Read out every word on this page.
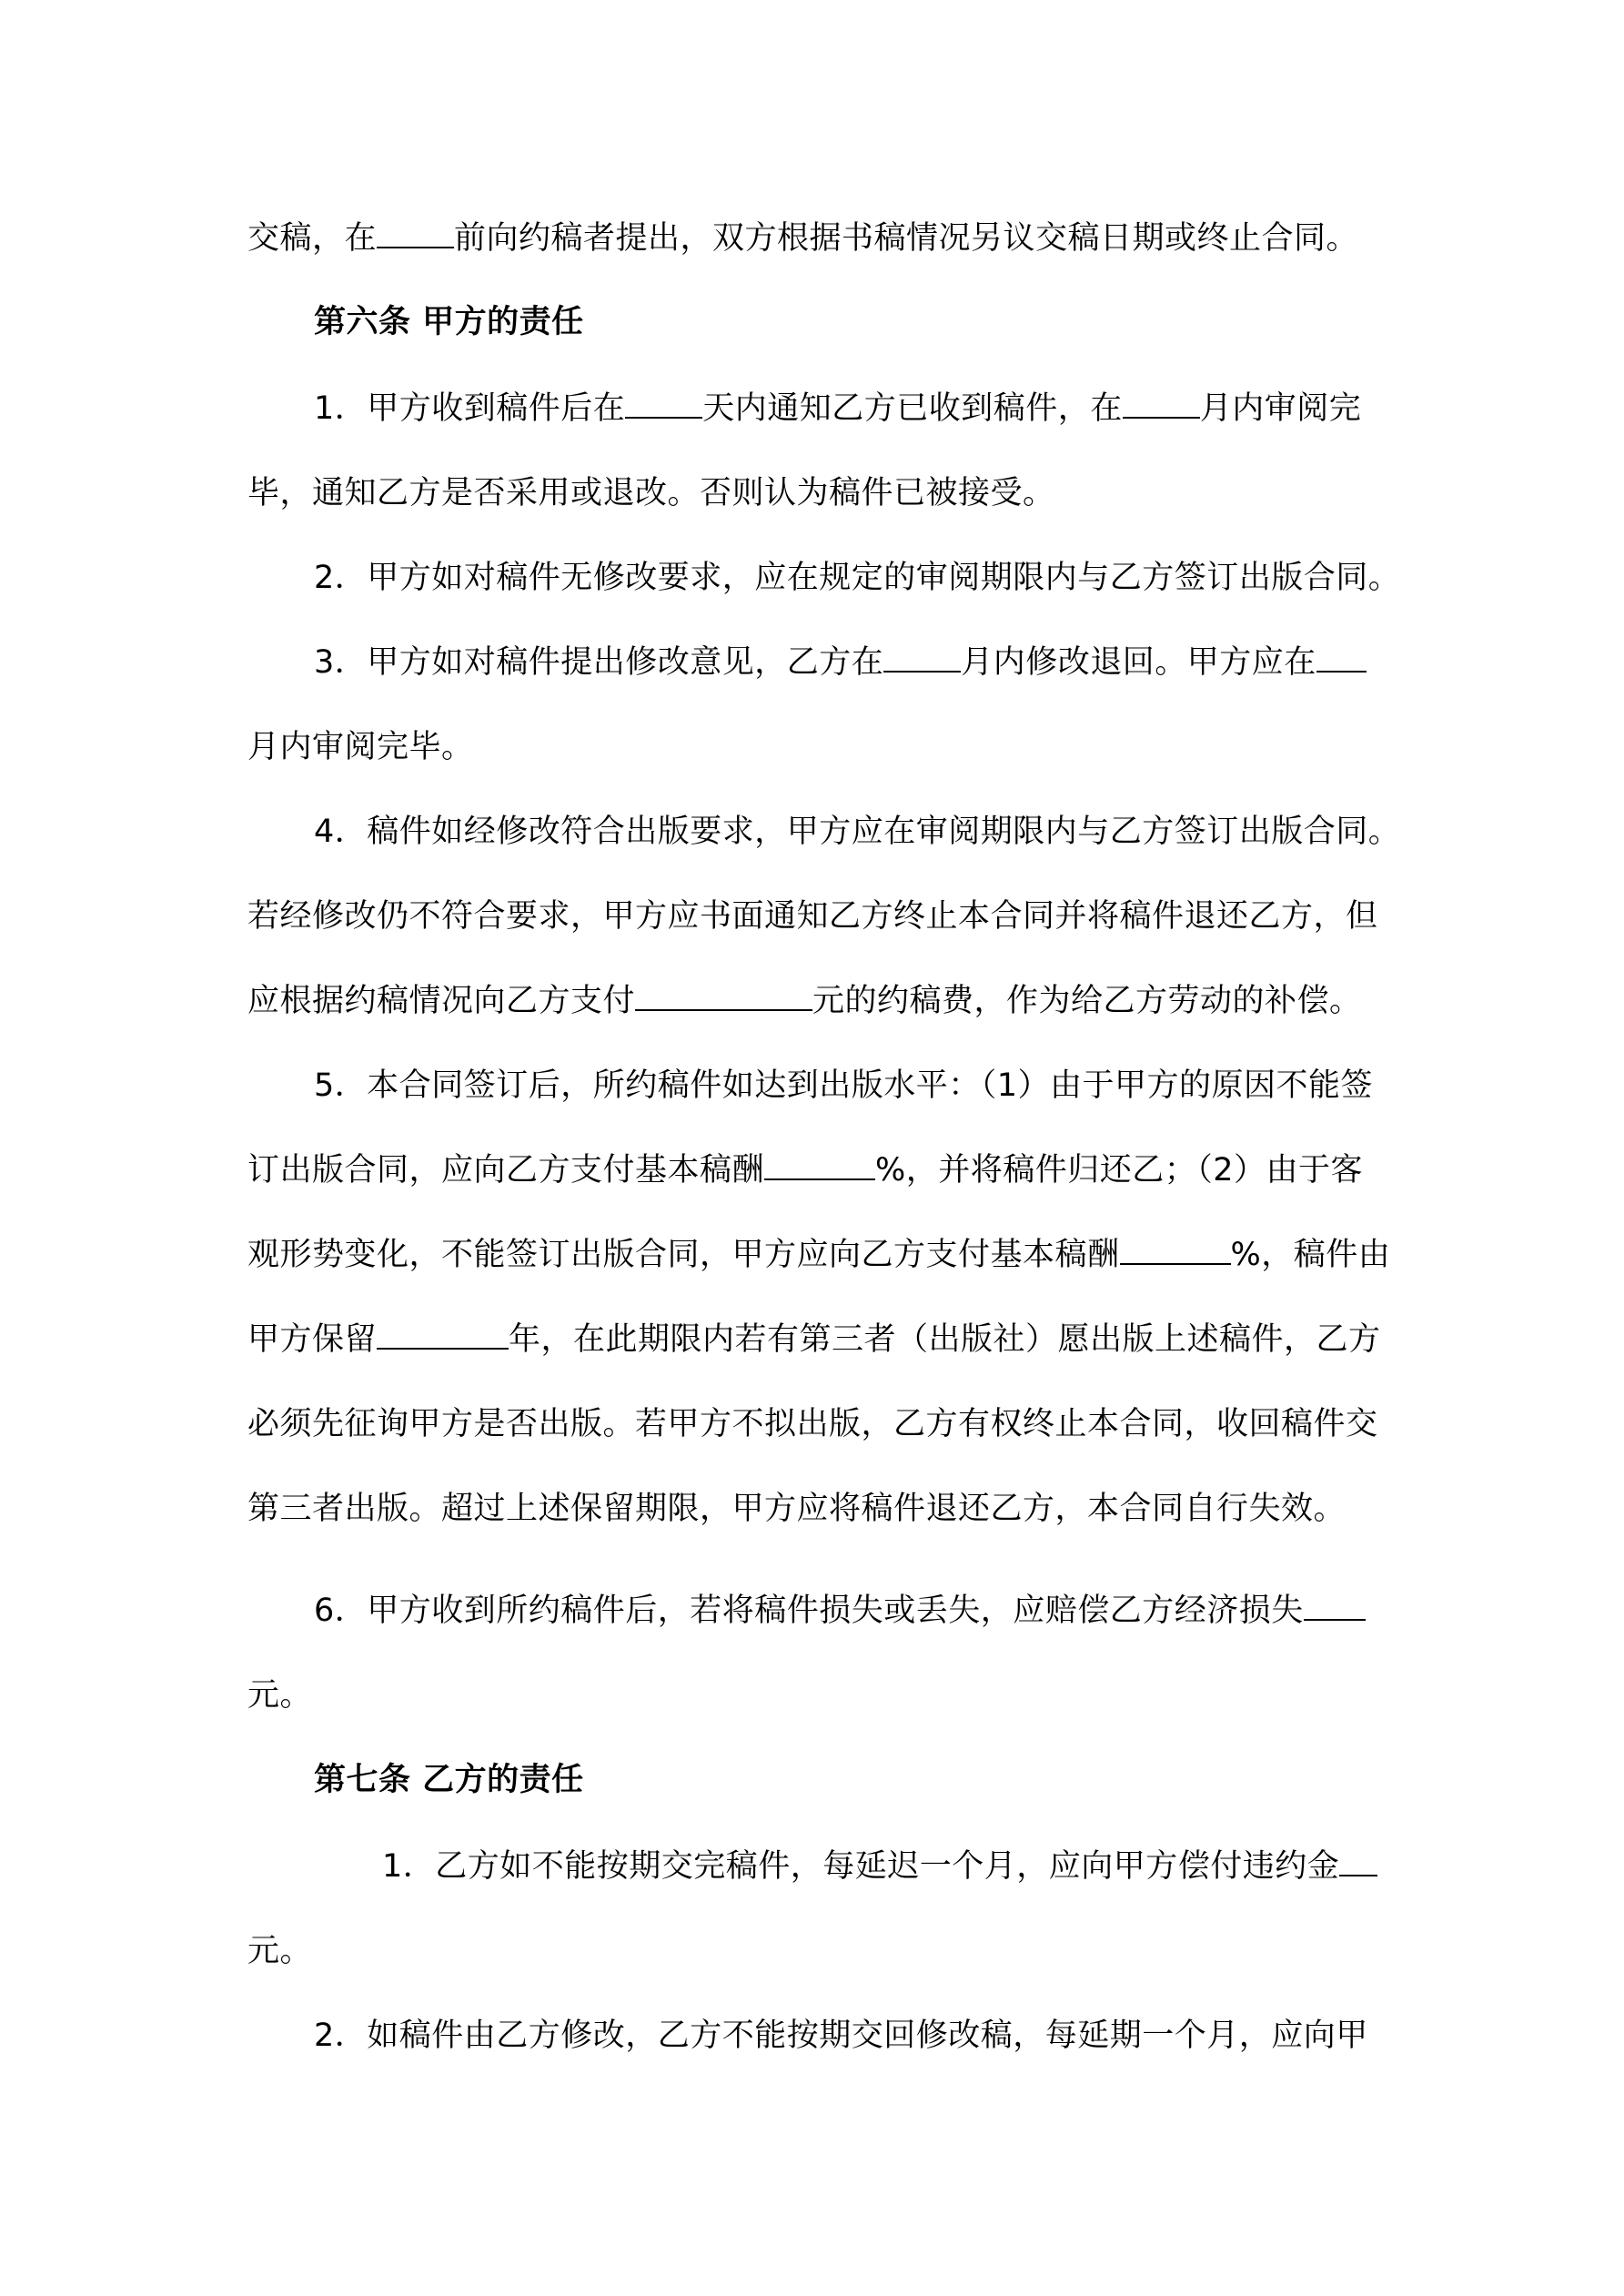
交稿，在 前向约稿者提出，双方根据书稿情况另议交稿日期或终止合同。
第六条 甲方的责任
1．甲方收到稿件后在 天内通知乙方已收到稿件，在 月内审阅完
毕，通知乙方是否采用或退改。否则认为稿件已被接受。
2．甲方如对稿件无修改要求，应在规定的审阅期限内与乙方签订出版合同。
3．甲方如对稿件提出修改意见，乙方在 月内修改退回。甲方应在
月内审阅完毕。
4．稿件如经修改符合出版要求，甲方应在审阅期限内与乙方签订出版合同。
若经修改仍不符合要求，甲方应书面通知乙方终止本合同并将稿件退还乙方，但
应根据约稿情况向乙方支付	元的约稿费，作为给乙方劳动的补偿。
5．本合同签订后，所约稿件如达到出版水平：（1）由于甲方的原因不能签
订出版合同，应向乙方支付基本稿酬	%，并将稿件归还乙；（2）由于客
观形势变化，不能签订出版合同，甲方应向乙方支付基本稿酬	%，稿件由
甲方保留	年，在此期限内若有第三者（出版社）愿出版上述稿件，乙方
必须先征询甲方是否出版。若甲方不拟出版，乙方有权终止本合同，收回稿件交
第三者出版。超过上述保留期限，甲方应将稿件退还乙方，本合同自行失效。
6．甲方收到所约稿件后，若将稿件损失或丢失，应赔偿乙方经济损失
元。
第七条 乙方的责任
1．乙方如不能按期交完稿件，每延迟一个月，应向甲方偿付违约金
元。
2．如稿件由乙方修改，乙方不能按期交回修改稿，每延期一个月，应向甲
